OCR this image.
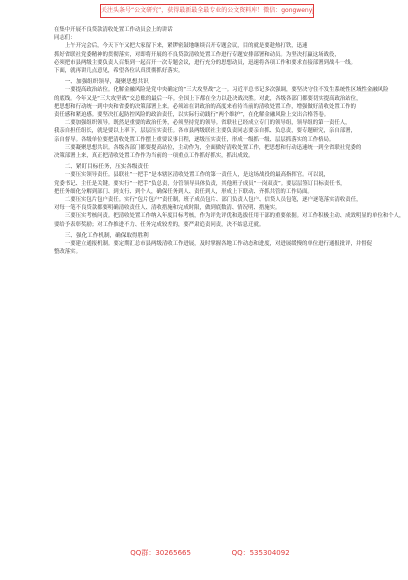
关注头条号“公文研究”，获得最新最全最专业的公文资料库！微信：gongwenyj
在集中开展不良贷款清收处置工作动员会上的讲话
同志们：
上午开完会后，今天下午又把大家留下来，紧锣密鼓地继续召开专题会议，目的就是要趁热打铁，迅速
抓好省联社党委精神的贯彻落实，对即将开展的不良贷款清收处置工作进行专题安排部署和动员。为坚决打赢这场战役，
必须把市县两级主要负责人召集到一起召开一次专题会议，进行充分的思想动员，迅速将各项工作和要求直接部署到战斗一线。
下面，就再讲几点意见，希望各位认真贯彻抓好落实。
一、加强组织领导，凝聚思想共识
一要提高政治站位。化解金融风险是党中央确定的“三大攻坚战”之一。习近平总书记多次强调，要坚决守住不发生系统性区域性金融风险
的底线。今年又是“三大攻坚战”交总账的最后一年。全国上下都在全力以赴决战决胜。对此，各级各部门都要切实提高政治站位，
把思想和行动统一到中央和省委的决策部署上来。必须站在讲政治的高度来看待当前的清收处置工作，增强做好清收处置工作的
责任感和紧迫感。要坚决扛起防控风险的政治责任，以实际行动践行“两个维护”，在化解金融风险上交出合格答卷。
二要加强组织领导。既然是重要的政治任务，必须坚持党的领导。省联社已经成立专门的领导组，领导组的第一责任人，
我亲自担任组长，就是要以上率下，层层压实责任。各市县两级联社主要负责同志要亲自抓、负总责，要专题研究，亲自部署，
亲自督导。各级单位要把清收处置工作摆上重要议事日程，逐级压实责任，形成一级抓一级、层层抓落实的工作格局。
三要凝聚思想共识。各级各部门都要提高站位，主动作为，全面做好清收处置工作，把思想和行动迅速统一到全省联社党委的
决策部署上来，真正把清收处置工作作为当前的一项重点工作抓好抓实，抓出成效。
二、紧盯目标任务，压实各级责任
一要压实领导责任。县联社“一把手”是本辖区清收处置工作的第一责任人，是这场战役的最高指挥官。可以说，
党委书记、主任是关键。要实行“一把手”负总责，分管领导具体负责，其他班子成员“一岗双责”。要层层签订目标责任书，
把任务细化分解到部门、到支行、到个人，确保任务到人、责任到人，形成上下联动、齐抓共管的工作局面。
二要压实包片包户责任。实行“包片包户”责任制，班子成员包片、部门负责人包户、信贷人员包笔，逐户逐笔落实清收责任，
对每一笔不良贷款都要明确清收责任人、清收措施和完成时限，做到底数清、情况明、措施实。
三要压实考核问责。把清收处置工作纳入年度目标考核，作为评先评优和选拔任用干部的重要依据。对工作积极主动、成效明显的单位和个人，
要给予表彰奖励；对工作推进不力、任务完成较差的，要严肃追责问责，决不姑息迁就。
三、强化工作机制，确保取得胜利
一要建立通报机制。要定期汇总市县两级清收工作进展，及时掌握各地工作动态和进度，对进展缓慢的单位进行通报批评，并督促
整改落实。
QQ群：30265665	QQ：535304092
